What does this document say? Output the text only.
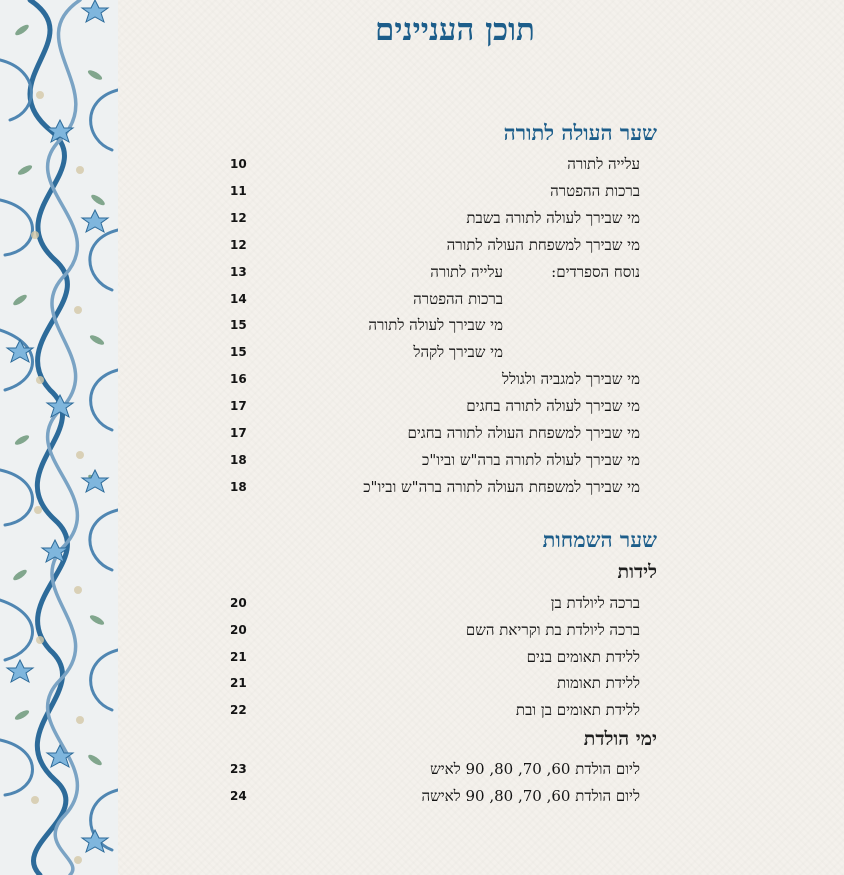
תוכן העניינים
שער העולה לתורה
עלייה לתורה
10
ברכות ההפטרה
11
מי שבירך לעולה לתורה בשבת
12
מי שבירך למשפחת העולה לתורה
12
נוסח הספרדים:
עלייה לתורה
13
ברכות ההפטרה
14
מי שבירך לעולה לתורה
15
מי שבירך לקהל
15
מי שבירך למגביה ולגולל
16
מי שבירך לעולה לתורה בחגים
17
מי שבירך למשפחת העולה לתורה בחגים
17
מי שבירך לעולה לתורה ברה"ש וביו"כ
18
מי שבירך למשפחת העולה לתורה ברה"ש וביו"כ
18
שער השמחות
לידות
ברכה ליולדת בן
20
ברכה ליולדת בת וקריאת השם
20
ללידת תאומים בנים
21
ללידת תאומות
21
ללידת תאומים בן ובת
22
ימי הולדת
ליום הולדת 60, 70, 80, 90 לאיש
23
ליום הולדת 60, 70, 80, 90 לאישה
24
